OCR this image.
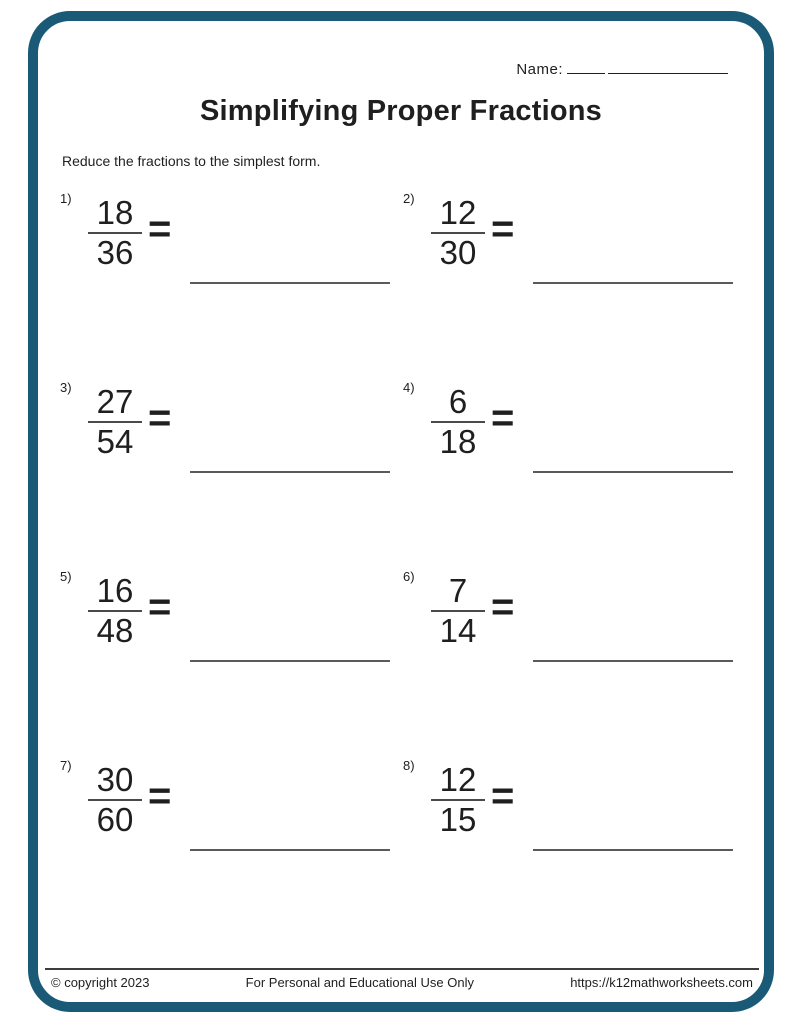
Name:
Simplifying Proper Fractions
Reduce the fractions to the simplest form.
1) 18
36
=
2) 12
30
=
3) 27
54
=
4)	6
18
=
5) 16
48
=
6)	7
14
=
7) 30
60
=
8) 12
15
=
© copyright 2023	For Personal and Educational Use Only	https://k12mathworksheets.com
